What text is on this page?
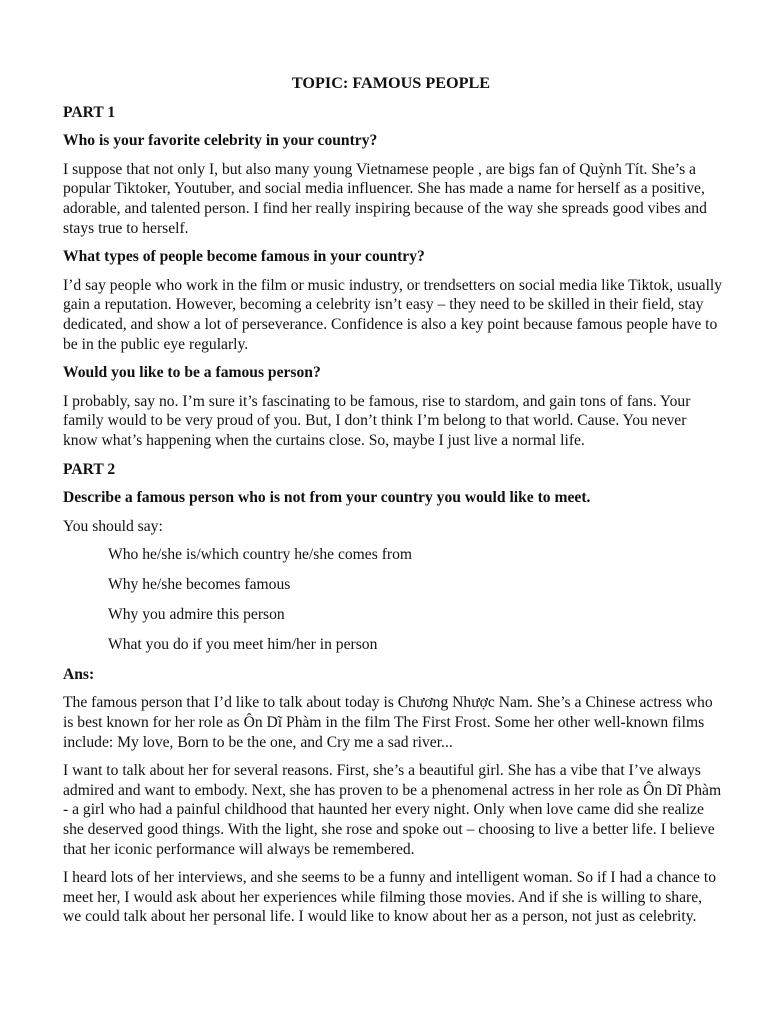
TOPIC: FAMOUS PEOPLE
PART 1
Who is your favorite celebrity in your country?
I suppose that not only I, but also many young Vietnamese people , are bigs fan of Quỳnh Tít. She’s a popular Tiktoker, Youtuber, and social media influencer. She has made a name for herself as a positive, adorable, and talented person. I find her really inspiring because of the way she spreads good vibes and stays true to herself.
What types of people become famous in your country?
I’d say people who work in the film or music industry, or trendsetters on social media like Tiktok, usually gain a reputation. However, becoming a celebrity isn’t easy – they need to be skilled in their field, stay dedicated, and show a lot of perseverance. Confidence is also a key point because famous people have to be in the public eye regularly.
Would you like to be a famous person?
I probably, say no. I’m sure it’s fascinating to be famous, rise to stardom, and gain tons of fans. Your family would to be very proud of you. But, I don’t think I’m belong to that world. Cause. You never know what’s happening when the curtains close. So, maybe I just live a normal life.
PART 2
Describe a famous person who is not from your country you would like to meet.
You should say:
Who he/she is/which country he/she comes from
Why he/she becomes famous
Why you admire this person
What you do if you meet him/her in person
Ans:
The famous person that I’d like to talk about today is Chương Nhược Nam. She’s a Chinese actress who is best known for her role as Ôn Dĩ Phàm in the film The First Frost. Some her other well-known films include: My love, Born to be the one, and Cry me a sad river...
I want to talk about her for several reasons. First, she’s a beautiful girl. She has a vibe that I’ve always admired and want to embody. Next, she has proven to be a phenomenal actress in her role as Ôn Dĩ Phàm - a girl who had a painful childhood that haunted her every night. Only when love came did she realize she deserved good things. With the light, she rose and spoke out – choosing to live a better life. I believe that her iconic performance will always be remembered.
I heard lots of her interviews, and she seems to be a funny and intelligent woman. So if I had a chance to meet her, I would ask about her experiences while filming those movies. And if she is willing to share, we could talk about her personal life. I would like to know about her as a person, not just as celebrity.
